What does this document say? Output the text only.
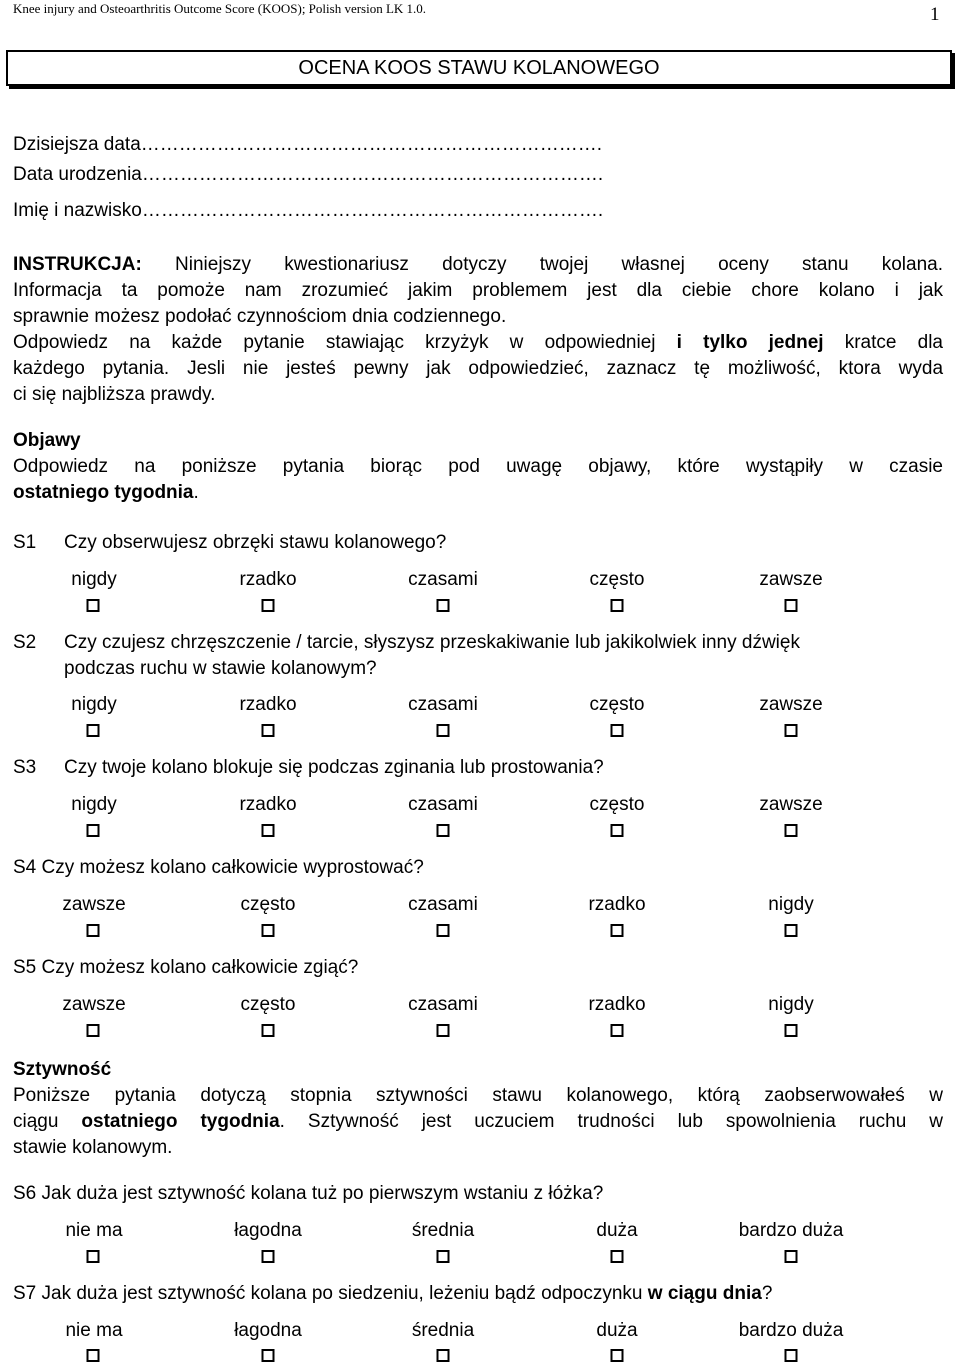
Knee injury and Osteoarthritis Outcome Score (KOOS); Polish version LK 1.0.	1
OCENA KOOS STAWU KOLANOWEGO
Dzisiejsza data……………………………………………………………….
Data urodzenia……………………………………………………………….
Imię i nazwisko……………………………………………………………….
INSTRUKCJA: Niniejszy kwestionariusz dotyczy twojej własnej oceny stanu kolana.
Informacja ta pomoże nam zrozumieć jakim problemem jest dla ciebie chore kolano i jak
sprawnie możesz podołać czynnościom dnia codziennego.
Odpowiedz na każde pytanie stawiając krzyżyk w odpowiedniej i tylko jednej kratce dla
każdego pytania. Jesli nie jesteś pewny jak odpowiedzieć, zaznacz tę możliwość, ktora wyda
ci się najbliższa prawdy.
Objawy
Odpowiedz na poniższe pytania biorąc pod uwagę objawy, które wystąpiły w czasie
ostatniego tygodnia.
S1 Czy obserwujesz obrzęki stawu kolanowego?
nigdy	rzadko	czasami	często	zawsze
S2 Czy czujesz chrzęszczenie / tarcie, słyszysz przeskakiwanie lub jakikolwiek inny dźwięk
podczas ruchu w stawie kolanowym?
nigdy	rzadko	czasami	często	zawsze
S3 Czy twoje kolano blokuje się podczas zginania lub prostowania?
nigdy	rzadko	czasami	często	zawsze
S4 Czy możesz kolano całkowicie wyprostować?
zawsze	często	czasami	rzadko	nigdy
S5 Czy możesz kolano całkowicie zgiąć?
zawsze	często	czasami	rzadko	nigdy
Sztywność
Poniższe pytania dotyczą stopnia sztywności stawu kolanowego, którą zaobserwowałeś w
ciągu ostatniego tygodnia. Sztywność jest uczuciem trudności lub spowolnienia ruchu w
stawie kolanowym.
S6 Jak duża jest sztywność kolana tuż po pierwszym wstaniu z łóżka?
nie ma	łagodna	średnia	duża	bardzo duża
S7 Jak duża jest sztywność kolana po siedzeniu, leżeniu bądź odpoczynku w ciągu dnia?
nie ma	łagodna	średnia	duża	bardzo duża
